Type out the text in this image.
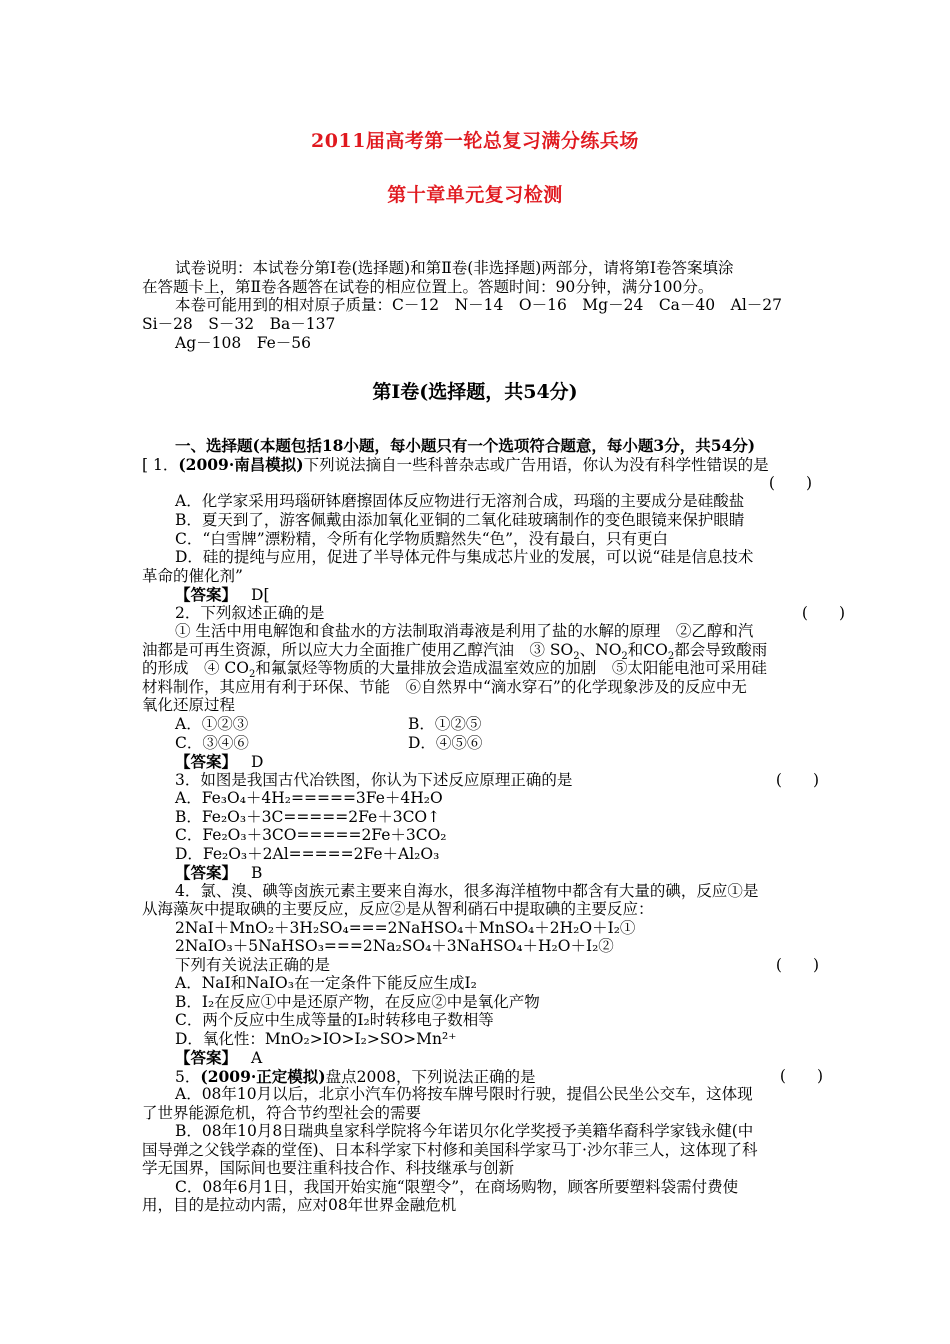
2011届高考第一轮总复习满分练兵场
第十章单元复习检测
试卷说明：本试卷分第Ⅰ卷(选择题)和第Ⅱ卷(非选择题)两部分，请将第Ⅰ卷答案填涂
在答题卡上，第Ⅱ卷各题答在试卷的相应位置上。答题时间：90分钟，满分100分。
本卷可能用到的相对原子质量：C－12　N－14　O－16　Mg－24　Ca－40　Al－27
Si－28　S－32　Ba－137
Ag－108　Fe－56
第Ⅰ卷(选择题，共54分)
一、选择题(本题包括18小题，每小题只有一个选项符合题意，每小题3分，共54分)
[ 1．(2009·南昌模拟)下列说法摘自一些科普杂志或广告用语，你认为没有科学性错误的是
(　　)
A．化学家采用玛瑙研钵磨擦固体反应物进行无溶剂合成，玛瑙的主要成分是硅酸盐
B．夏天到了，游客佩戴由添加氧化亚铜的二氧化硅玻璃制作的变色眼镜来保护眼睛
C．“白雪牌”漂粉精，令所有化学物质黯然失“色”，没有最白，只有更白
D．硅的提纯与应用，促进了半导体元件与集成芯片业的发展，可以说“硅是信息技术
革命的催化剂”
【答案】 D[
2．下列叙述正确的是	(　　)
① 生活中用电解饱和食盐水的方法制取消毒液是利用了盐的水解的原理　②乙醇和汽
油都是可再生资源，所以应大力全面推广使用乙醇汽油　③ $SO_2$、$NO_2$和$CO_2$都会导致酸雨
的形成　④ $CO_2$和氟氯烃等物质的大量排放会造成温室效应的加剧　⑤太阳能电池可采用硅
材料制作，其应用有利于环保、节能　⑥自然界中“滴水穿石”的化学现象涉及的反应中无
氧化还原过程
A．①②③	B．①②⑤
C．③④⑥	D．④⑤⑥
【答案】 D
3．如图是我国古代冶铁图，你认为下述反应原理正确的是	(　　)
A．Fe₃O₄＋4H₂=====3Fe＋4H₂O
B．Fe₂O₃＋3C=====2Fe＋3CO↑
C．Fe₂O₃＋3CO=====2Fe＋3CO₂
D．Fe₂O₃＋2Al=====2Fe＋Al₂O₃
【答案】 B
4．氯、溴、碘等卤族元素主要来自海水，很多海洋植物中都含有大量的碘，反应①是
从海藻灰中提取碘的主要反应，反应②是从智利硝石中提取碘的主要反应：
2NaI＋MnO₂＋3H₂SO₄===2NaHSO₄＋MnSO₄＋2H₂O＋I₂①
2NaIO₃＋5NaHSO₃===2Na₂SO₄＋3NaHSO₄＋H₂O＋I₂②
下列有关说法正确的是	(　　)
A．NaI和NaIO₃在一定条件下能反应生成I₂
B．I₂在反应①中是还原产物，在反应②中是氧化产物
C．两个反应中生成等量的I₂时转移电子数相等
D．氧化性：MnO₂>IO>I₂>SO>Mn²⁺
【答案】 A
5．(2009·正定模拟)盘点2008，下列说法正确的是	(　　)
A．08年10月以后，北京小汽车仍将按车牌号限时行驶，提倡公民坐公交车，这体现
了世界能源危机，符合节约型社会的需要
B．08年10月8日瑞典皇家科学院将今年诺贝尔化学奖授予美籍华裔科学家钱永健(中
国导弹之父钱学森的堂侄)、日本科学家下村修和美国科学家马丁·沙尔菲三人，这体现了科
学无国界，国际间也要注重科技合作、科技继承与创新
C．08年6月1日，我国开始实施“限塑令”，在商场购物，顾客所要塑料袋需付费使
用，目的是拉动内需，应对08年世界金融危机
